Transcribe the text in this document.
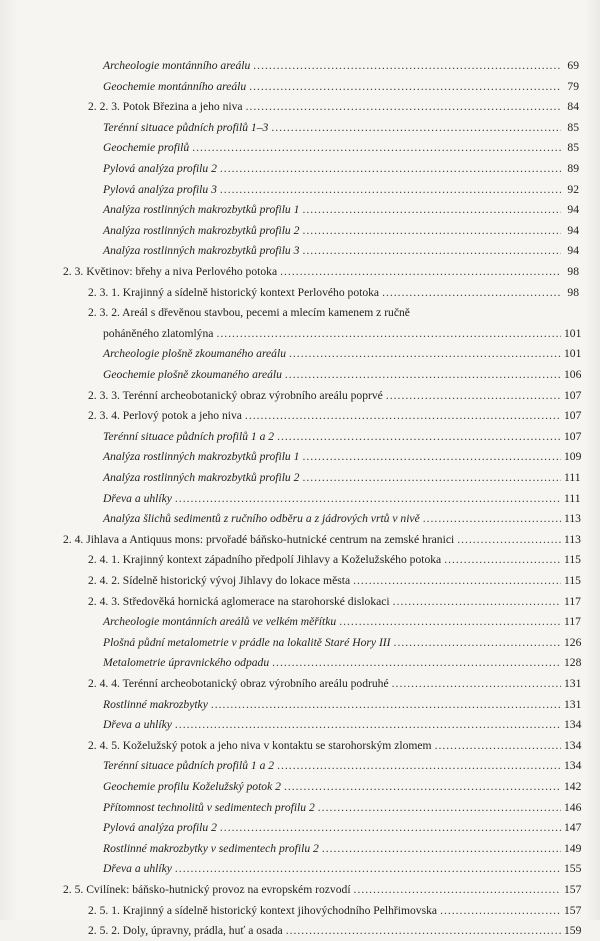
Archeologie montánního areálu .....	69
Geochemie montánního areálu .....	79
2. 2. 3. Potok Březina a jeho niva .....	84
Terénní situace půdních profilů 1–3 .....	85
Geochemie profilů .....	85
Pylová analýza profilu 2 .....	89
Pylová analýza profilu 3 .....	92
Analýza rostlinných makrozbytků profilu 1 .....	94
Analýza rostlinných makrozbytků profilu 2 .....	94
Analýza rostlinných makrozbytků profilu 3 .....	94
2. 3. Květinov: břehy a niva Perlového potoka .....	98
2. 3. 1. Krajinný a sídelně historický kontext Perlového potoka .....	98
2. 3. 2. Areál s dřevěnou stavbou, pecemi a mlecím kamenem z ručně
poháněného zlatomlýna .....	101
Archeologie plošně zkoumaného areálu .....	101
Geochemie plošně zkoumaného areálu .....	106
2. 3. 3. Terénní archeobotanický obraz výrobního areálu poprvé .....	107
2. 3. 4. Perlový potok a jeho niva .....	107
Terénní situace půdních profilů 1 a 2 .....	107
Analýza rostlinných makrozbytků profilu 1 .....	109
Analýza rostlinných makrozbytků profilu 2 .....	111
Dřeva a uhlíky .....	111
Analýza šlichů sedimentů z ručního odběru a z jádrových vrtů v nivě .....	113
2. 4. Jihlava a Antiquus mons: prvořadé báňsko-hutnické centrum na zemské hranici .....	113
2. 4. 1. Krajinný kontext západního předpolí Jihlavy a Koželužského potoka .....	115
2. 4. 2. Sídelně historický vývoj Jihlavy do lokace města .....	115
2. 4. 3. Středověká hornická aglomerace na starohorské dislokaci .....	117
Archeologie montánních areálů ve velkém měřítku .....	117
Plošná půdní metalometrie v prádle na lokalitě Staré Hory III .....	126
Metalometrie úpravnického odpadu .....	128
2. 4. 4. Terénní archeobotanický obraz výrobního areálu podruhé .....	131
Rostlinné makrozbytky .....	131
Dřeva a uhlíky .....	134
2. 4. 5. Koželužský potok a jeho niva v kontaktu se starohorským zlomem .....	134
Terénní situace půdních profilů 1 a 2 .....	134
Geochemie profilu Koželužský potok 2 .....	142
Přítomnost technolitů v sedimentech profilu 2 .....	146
Pylová analýza profilu 2 .....	147
Rostlinné makrozbytky v sedimentech profilu 2 .....	149
Dřeva a uhlíky .....	155
2. 5. Cvilínek: báňsko-hutnický provoz na evropském rozvodí .....	157
2. 5. 1. Krajinný a sídelně historický kontext jihovýchodního Pelhřimovska .....	157
2. 5. 2. Doly, úpravny, prádla, huť a osada .....	159
